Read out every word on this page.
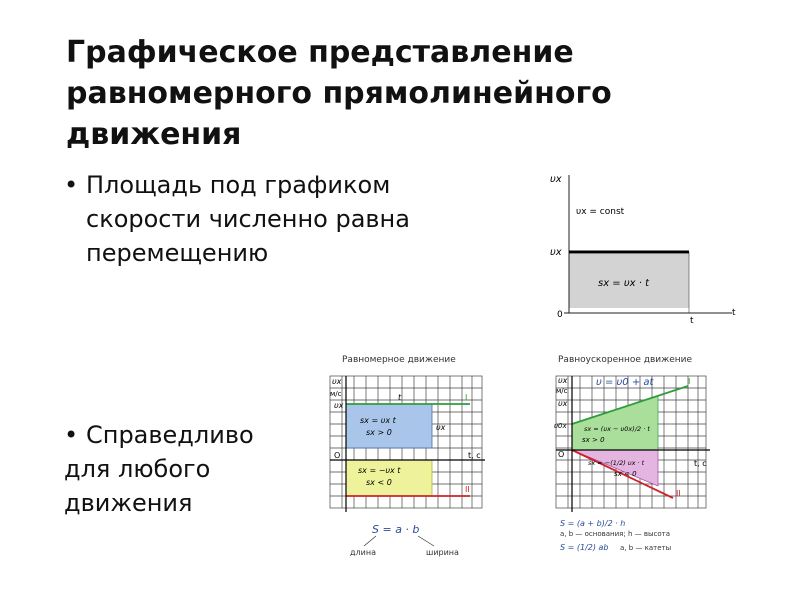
Графическое представление
равномерного прямолинейного
движения
• Площадь под графиком
скорости численно равна
перемещению
• Справедливо
для любого
движения
υx
t
t
0
υx
υx = const
sx = υx · t
Равномерное движение
υx
м/с
υx
O	t, с
t
υx
I
II
sx = υx t
sx > 0
sx = −υx t
sx < 0
S = a · b
длина	ширина
Равноускоренное движение
υx
м/с
υx
υ0x
O
t, с
υ = υ0 + at	I
II
sx = (υx − υ0x)/2 · t
sx > 0
sx = −(1/2) υx · t
sx < 0
S = (a + b)/2 · h
a, b — основания; h — высота
S = (1/2) ab a, b — катеты
